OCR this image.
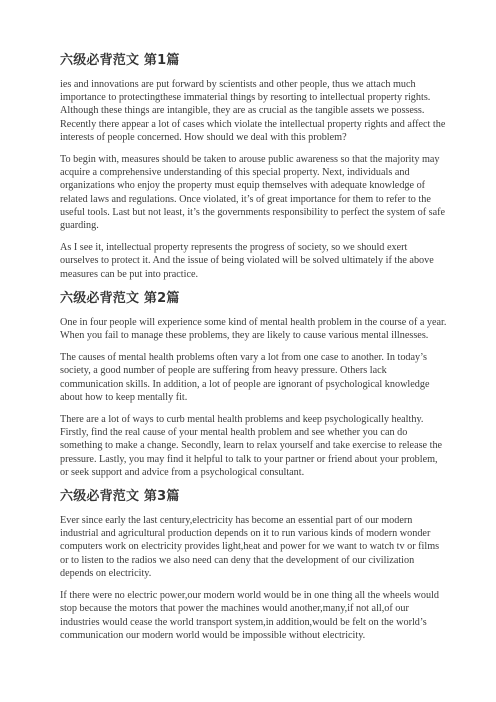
六级必背范文 第1篇

ies and innovations are put forward by scientists and other people, thus we attach much importance to protectingthese immaterial things by resorting to intellectual property rights. Although these things are intangible, they are as crucial as the tangible assets we possess. Recently there appear a lot of cases which violate the intellectual property rights and affect the interests of people concerned. How should we deal with this problem?

To begin with, measures should be taken to arouse public awareness so that the majority may acquire a comprehensive understanding of this special property. Next, individuals and organizations who enjoy the property must equip themselves with adequate knowledge of related laws and regulations. Once violated, it’s of great importance for them to refer to the useful tools. Last but not least, it’s the governments responsibility to perfect the system of safe guarding.

As I see it, intellectual property represents the progress of society, so we should exert ourselves to protect it. And the issue of being violated will be solved ultimately if the above measures can be put into practice.

六级必背范文 第2篇

One in four people will experience some kind of mental health problem in the course of a year. When you fail to manage these problems, they are likely to cause various mental illnesses.

The causes of mental health problems often vary a lot from one case to another. In today’s society, a good number of people are suffering from heavy pressure. Others lack communication skills. In addition, a lot of people are ignorant of psychological knowledge about how to keep mentally fit.

There are a lot of ways to curb mental health problems and keep psychologically healthy. Firstly, find the real cause of your mental health problem and see whether you can do something to make a change. Secondly, learn to relax yourself and take exercise to release the pressure. Lastly, you may find it helpful to talk to your partner or friend about your problem, or seek support and advice from a psychological consultant.

六级必背范文 第3篇

Ever since early the last century,electricity has become an essential part of our modern industrial and agricultural production depends on it to run various kinds of modern wonder computers work on electricity provides light,heat and power for we want to watch tv or films or to listen to the radios we also need can deny that the development of our civilization depends on electricity.

If there were no electric power,our modern world would be in one thing all the wheels would stop because the motors that power the machines would another,many,if not all,of our industries would cease the world transport system,in addition,would be felt on the world’s communication our modern world would be impossible without electricity.
